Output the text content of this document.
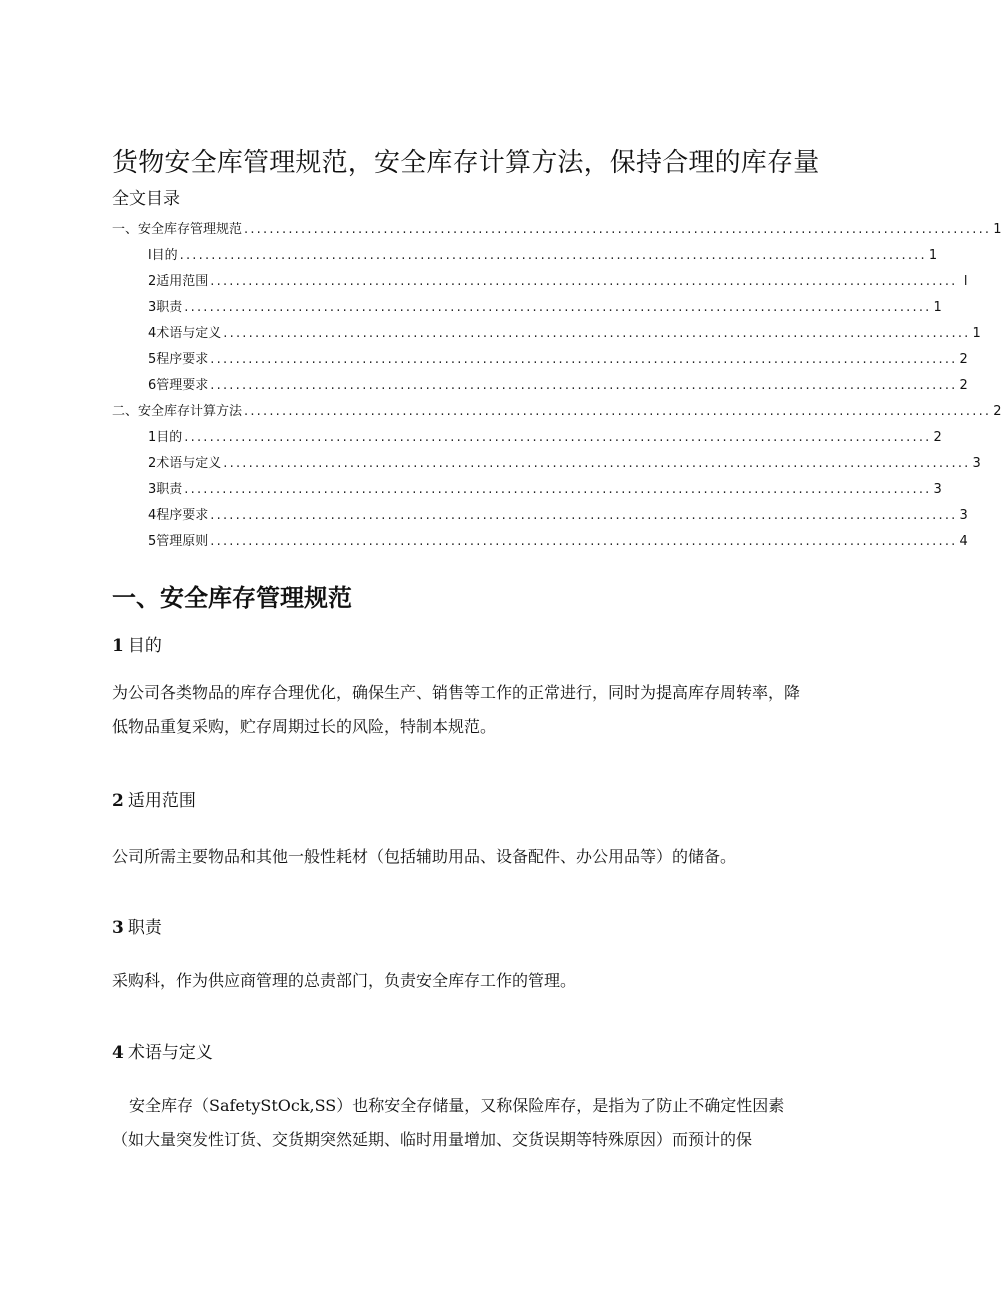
货物安全库管理规范，安全库存计算方法，保持合理的库存量
全文目录
一、安全库存管理规范 ...................................................................................................................... 1
l目的 ...................................................................................................................... 1
2适用范围 ...................................................................................................................... l
3职责 ...................................................................................................................... 1
4术语与定义 ...................................................................................................................... 1
5程序要求 ...................................................................................................................... 2
6管理要求 ...................................................................................................................... 2
二、安全库存计算方法 ...................................................................................................................... 2
1目的 ...................................................................................................................... 2
2术语与定义 ...................................................................................................................... 3
3职责 ...................................................................................................................... 3
4程序要求 ...................................................................................................................... 3
5管理原则 ...................................................................................................................... 4
一、安全库存管理规范
1 目的
为公司各类物品的库存合理优化，确保生产、销售等工作的正常进行，同时为提高库存周转率，降低物品重复采购，贮存周期过长的风险，特制本规范。
2 适用范围
公司所需主要物品和其他一般性耗材（包括辅助用品、设备配件、办公用品等）的储备。
3 职责
采购科，作为供应商管理的总责部门，负责安全库存工作的管理。
4 术语与定义
安全库存（SafetyStOck,SS）也称安全存储量，又称保险库存，是指为了防止不确定性因素（如大量突发性订货、交货期突然延期、临时用量增加、交货误期等特殊原因）而预计的保
